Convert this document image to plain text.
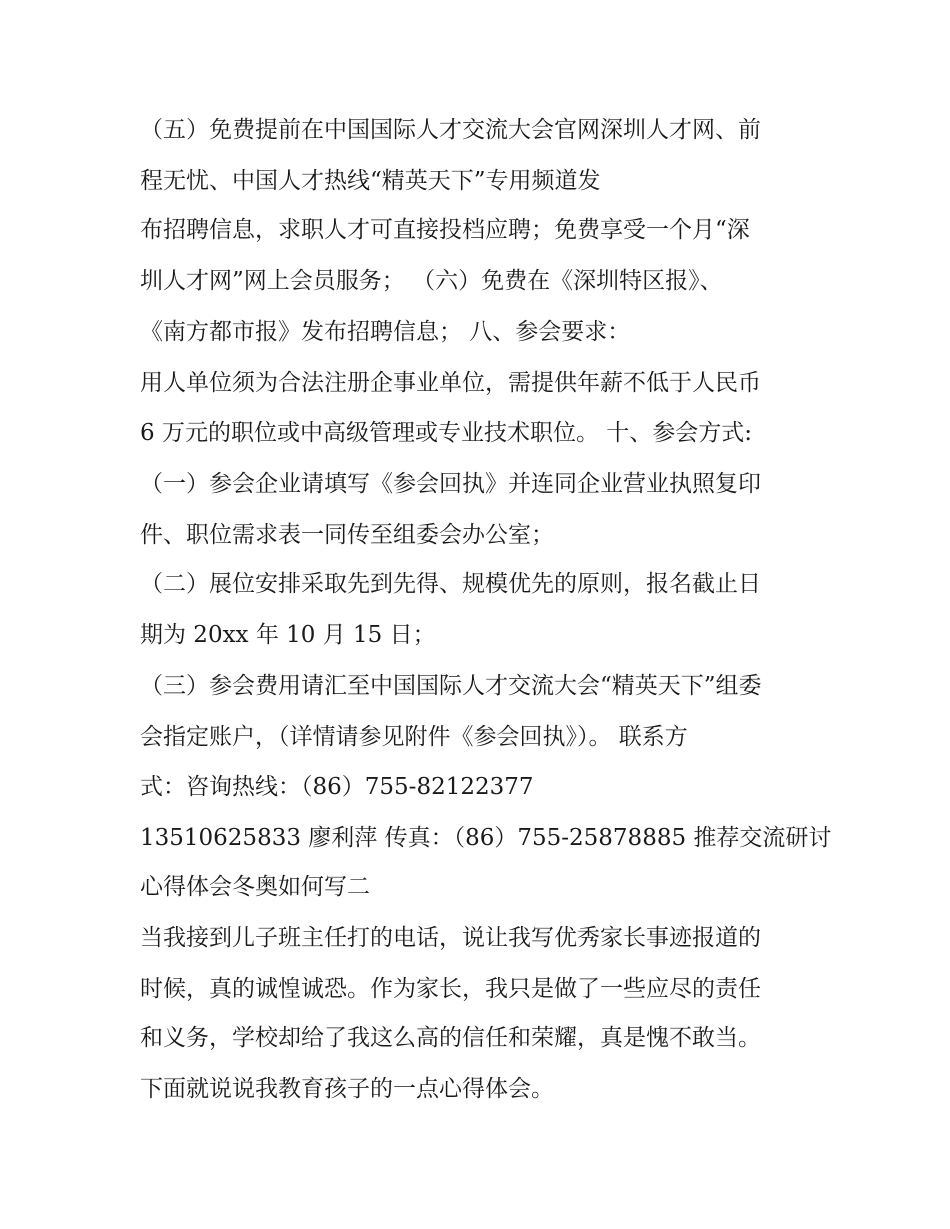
（五）免费提前在中国国际人才交流大会官网深圳人才网、前
程无忧、中国人才热线“精英天下”专用频道发
布招聘信息，求职人才可直接投档应聘；免费享受一个月“深
圳人才网”网上会员服务； （六）免费在《深圳特区报》、
《南方都市报》发布招聘信息； 八、参会要求：
用人单位须为合法注册企事业单位，需提供年薪不低于人民币
6 万元的职位或中高级管理或专业技术职位。 十、参会方式:
（一）参会企业请填写《参会回执》并连同企业营业执照复印
件、职位需求表一同传至组委会办公室；
（二）展位安排采取先到先得、规模优先的原则，报名截止日
期为 20xx 年 10 月 15 日；
（三）参会费用请汇至中国国际人才交流大会“精英天下”组委
会指定账户，（详情请参见附件《参会回执》）。 联系方
式：咨询热线：（86）755-82122377
13510625833 廖利萍 传真：（86）755-25878885 推荐交流研讨
心得体会冬奥如何写二
当我接到儿子班主任打的电话，说让我写优秀家长事迹报道的
时候，真的诚惶诚恐。作为家长，我只是做了一些应尽的责任
和义务，学校却给了我这么高的信任和荣耀，真是愧不敢当。
下面就说说我教育孩子的一点心得体会。
